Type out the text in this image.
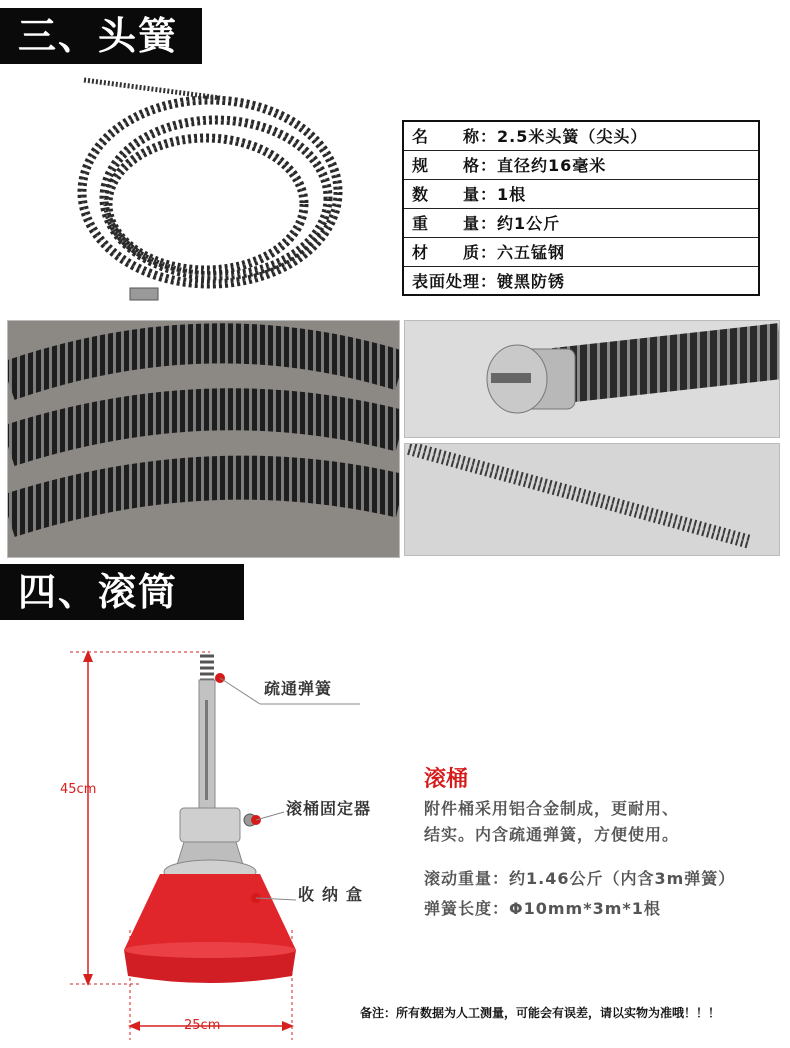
三、头簧
名　　称：2.5米头簧（尖头）
规　　格：直径约16毫米
数　　量：1根
重　　量：约1公斤
材　　质：六五锰钢
表面处理：镀黑防锈
四、滚筒
疏通弹簧
滚桶固定器
收纳盒
45cm
25cm
滚桶
附件桶采用铝合金制成，更耐用、
结实。内含疏通弹簧，方便使用。
滚动重量：约1.46公斤（内含3m弹簧）
弹簧长度：Φ10mm*3m*1根
备注：所有数据为人工测量，可能会有误差，请以实物为准哦！！！
